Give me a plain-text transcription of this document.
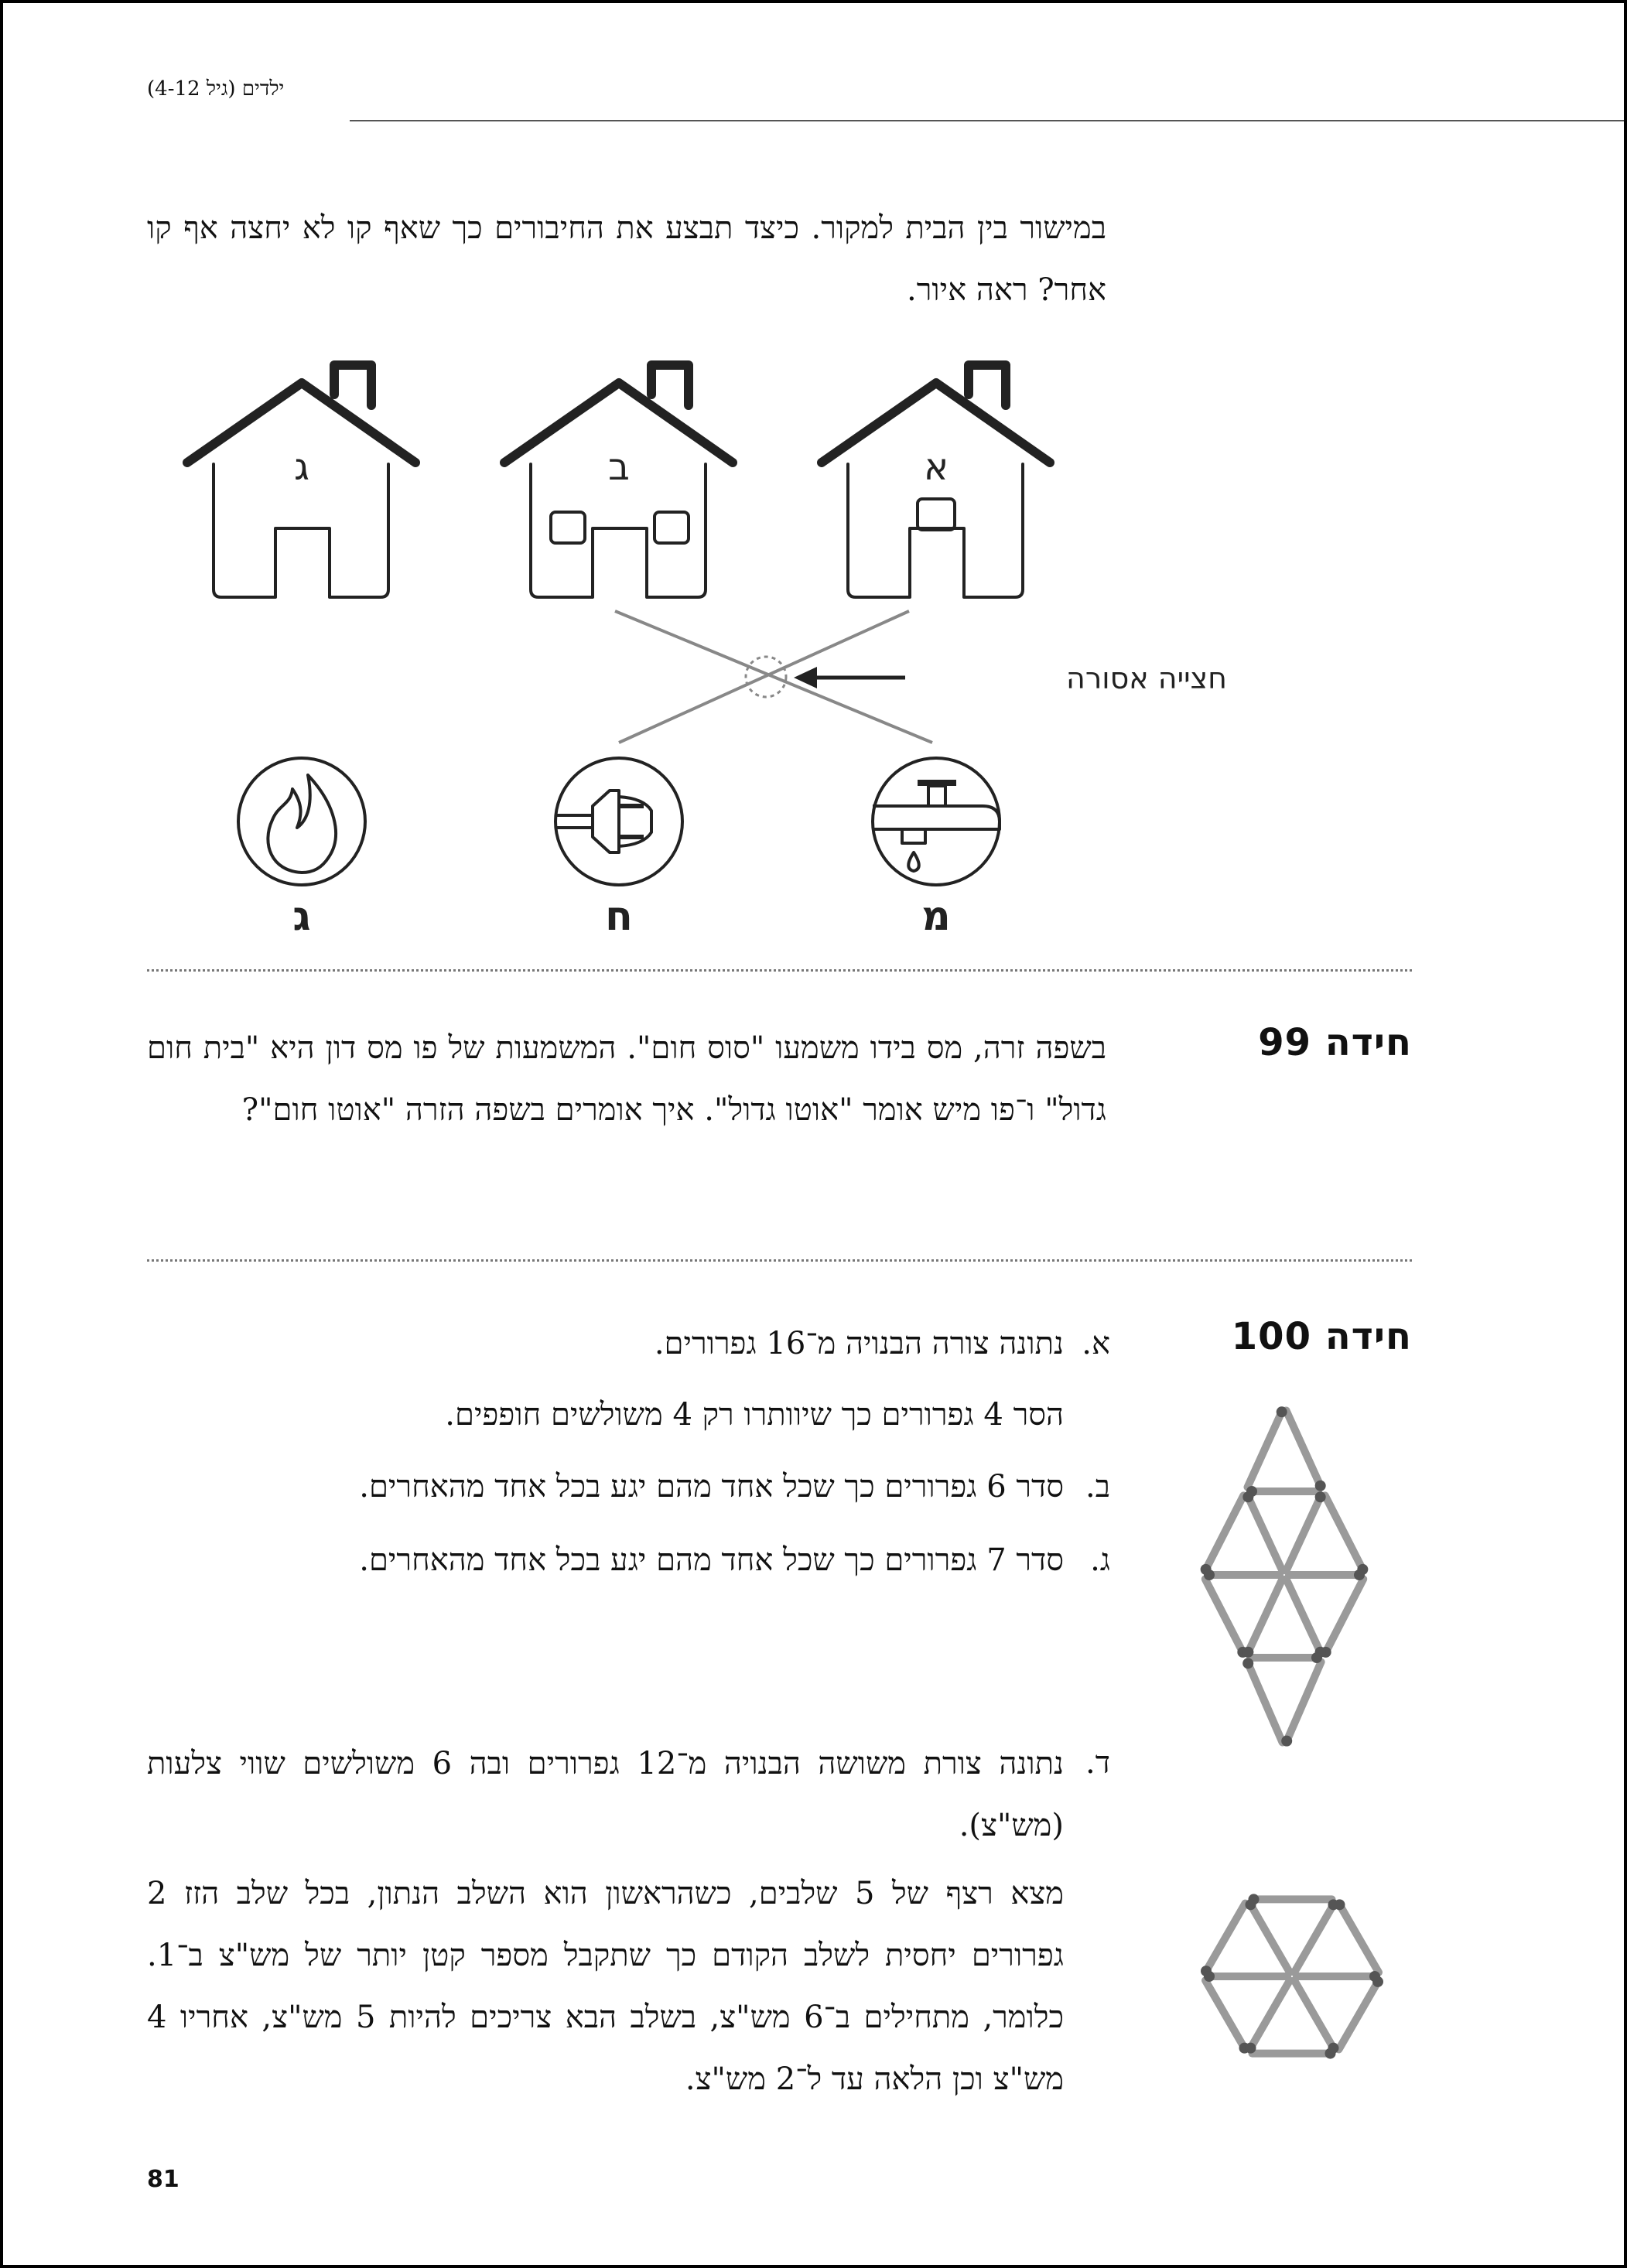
ילדים (גיל 4-12)
במישור בין הבית למקור. כיצד תבצע את החיבורים כך שאף קו לא יחצה אף קו אחר? ראה איור.
ג	ב	א
חצייה אסורה
ג	ח	מ
חידה 99
בשפה זרה, מס בידו משמעו "סוס חום". המשמעות של פו מס דון היא "בית חום גדול" ו־פו מיש אומר "אוטו גדול". איך אומרים בשפה הזרה "אוטו חום"?
חידה 100
א.
נתונה צורה הבנויה מ־16 גפרורים.
הסר 4 גפרורים כך שיוותרו רק 4 משולשים חופפים.
ב.
סדר 6 גפרורים כך שכל אחד מהם יגע בכל אחד מהאחרים.
ג.
סדר 7 גפרורים כך שכל אחד מהם יגע בכל אחד מהאחרים.
ד.
נתונה צורת משושה הבנויה מ־12 גפרורים ובה 6 משולשים שווי צלעות (מש"צ).
מצא רצף של 5 שלבים, כשהראשון הוא השלב הנתון, בכל שלב הזז 2 גפרורים יחסית לשלב הקודם כך שתקבל מספר קטן יותר של מש"צ ב־1. כלומר, מתחילים ב־6 מש"צ, בשלב הבא צריכים להיות 5 מש"צ, אחריו 4 מש"צ וכן הלאה עד ל־2 מש"צ.
81
